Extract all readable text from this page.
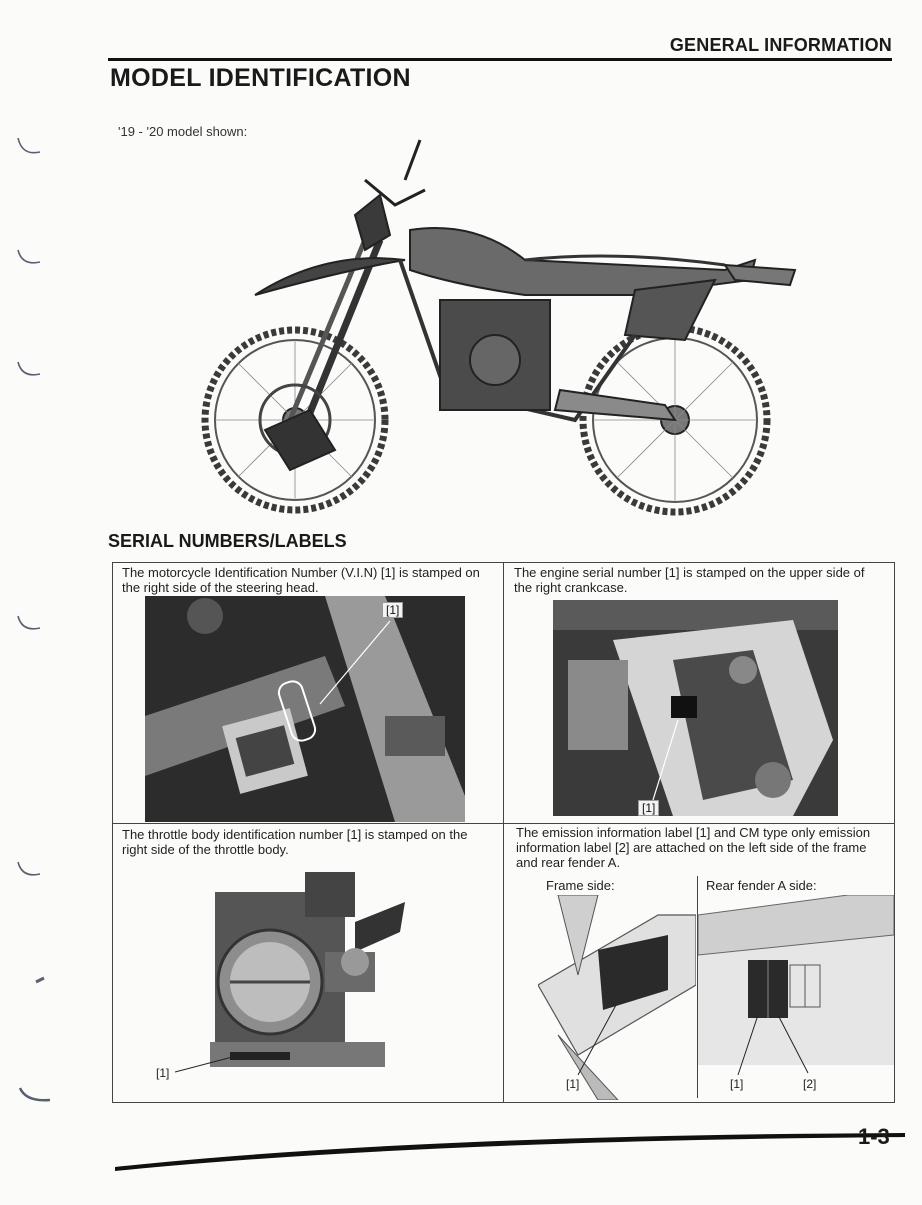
GENERAL INFORMATION
MODEL IDENTIFICATION
'19 - '20 model shown:
SERIAL NUMBERS/LABELS
The motorcycle Identification Number (V.I.N) [1] is stamped on the right side of the steering head.
[1]
The engine serial number [1] is stamped on the upper side of the right crankcase.
[1]
The throttle body identification number [1] is stamped on the right side of the throttle body.
[1]
The emission information label [1] and CM type only emission information label [2] are attached on the left side of the frame and rear fender A.
Frame side:
[1]
Rear fender A side:
[1]	[2]
1-3
